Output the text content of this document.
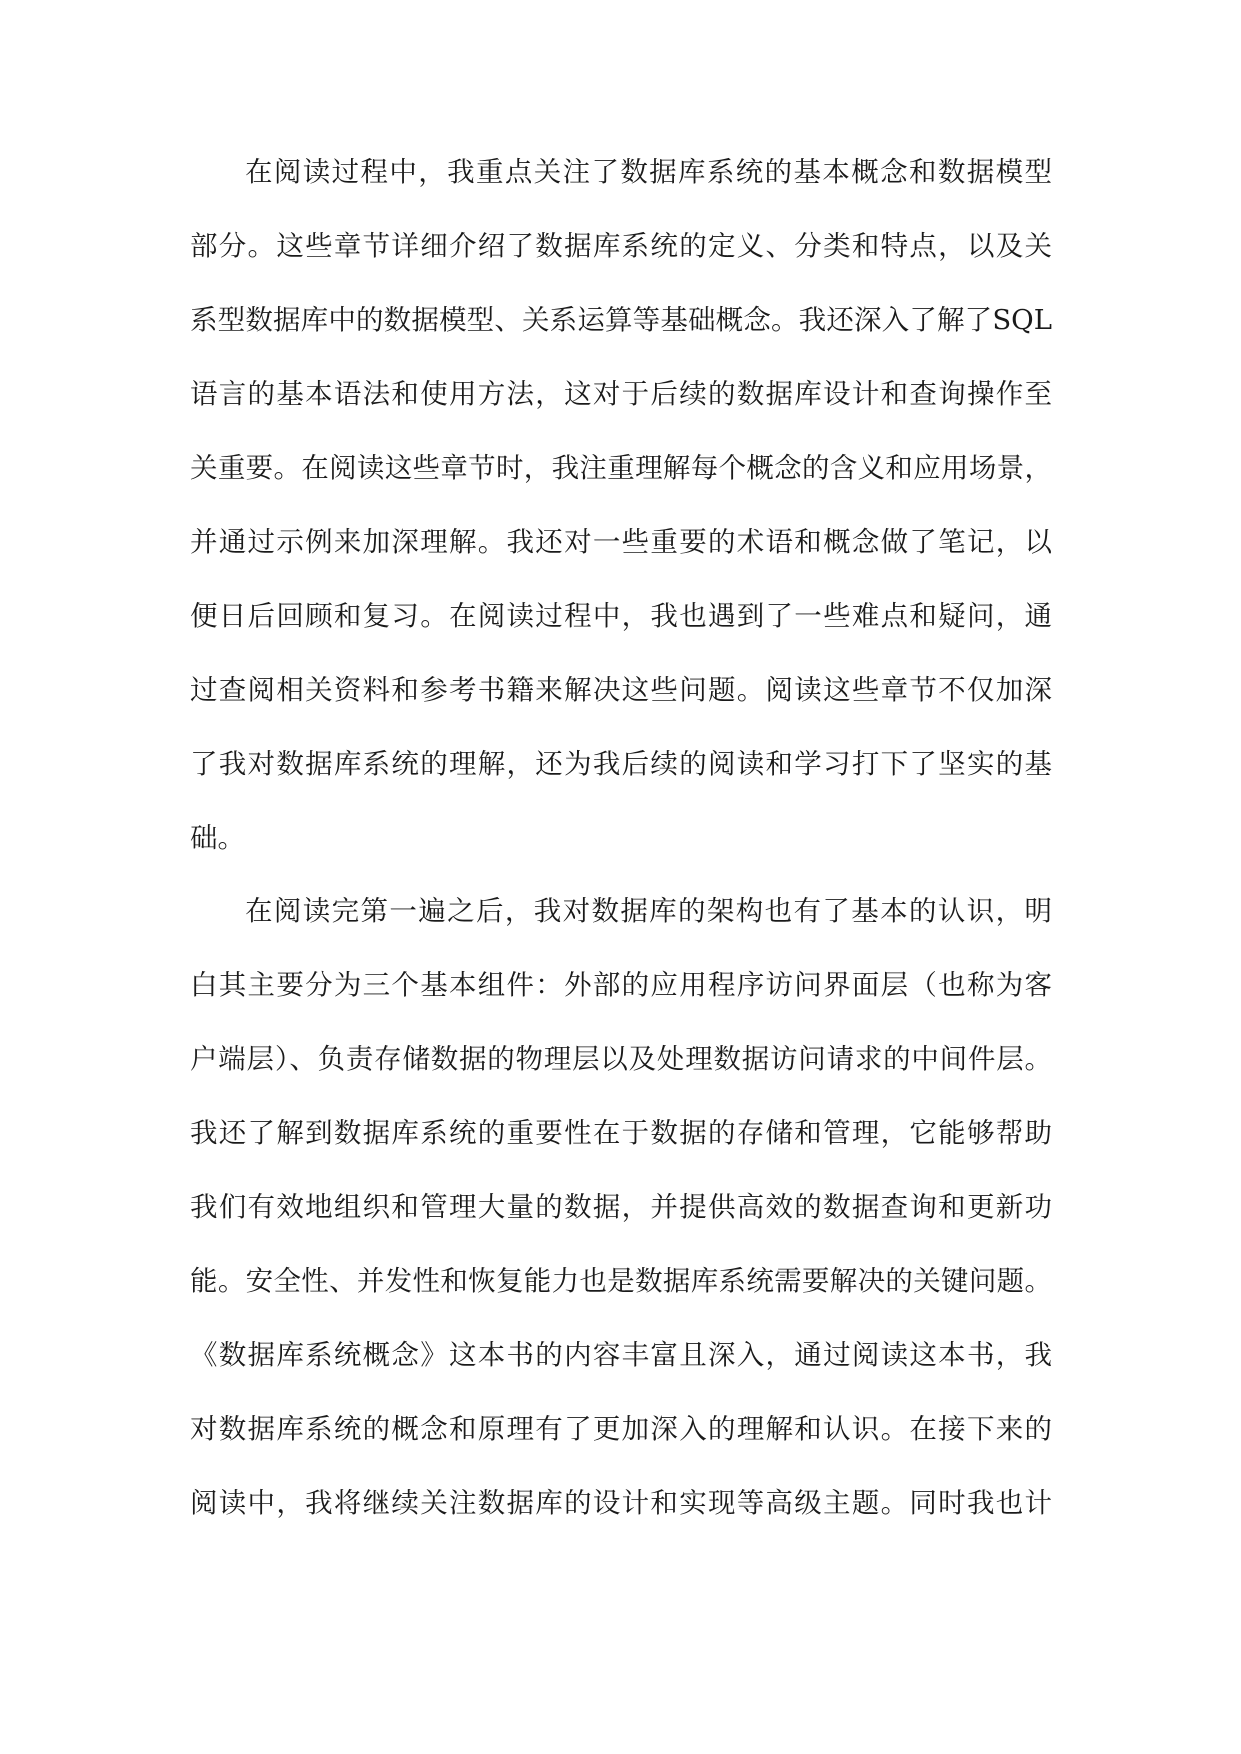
在阅读过程中，我重点关注了数据库系统的基本概念和数据模型
部分。这些章节详细介绍了数据库系统的定义、分类和特点，以及关
系型数据库中的数据模型、关系运算等基础概念。我还深入了解了SQL
语言的基本语法和使用方法，这对于后续的数据库设计和查询操作至
关重要。在阅读这些章节时，我注重理解每个概念的含义和应用场景，
并通过示例来加深理解。我还对一些重要的术语和概念做了笔记，以
便日后回顾和复习。在阅读过程中，我也遇到了一些难点和疑问，通
过查阅相关资料和参考书籍来解决这些问题。阅读这些章节不仅加深
了我对数据库系统的理解，还为我后续的阅读和学习打下了坚实的基
础。
在阅读完第一遍之后，我对数据库的架构也有了基本的认识，明
白其主要分为三个基本组件：外部的应用程序访问界面层（也称为客
户端层）、负责存储数据的物理层以及处理数据访问请求的中间件层。
我还了解到数据库系统的重要性在于数据的存储和管理，它能够帮助
我们有效地组织和管理大量的数据，并提供高效的数据查询和更新功
能。安全性、并发性和恢复能力也是数据库系统需要解决的关键问题。
《数据库系统概念》这本书的内容丰富且深入，通过阅读这本书，我
对数据库系统的概念和原理有了更加深入的理解和认识。在接下来的
阅读中，我将继续关注数据库的设计和实现等高级主题。同时我也计
